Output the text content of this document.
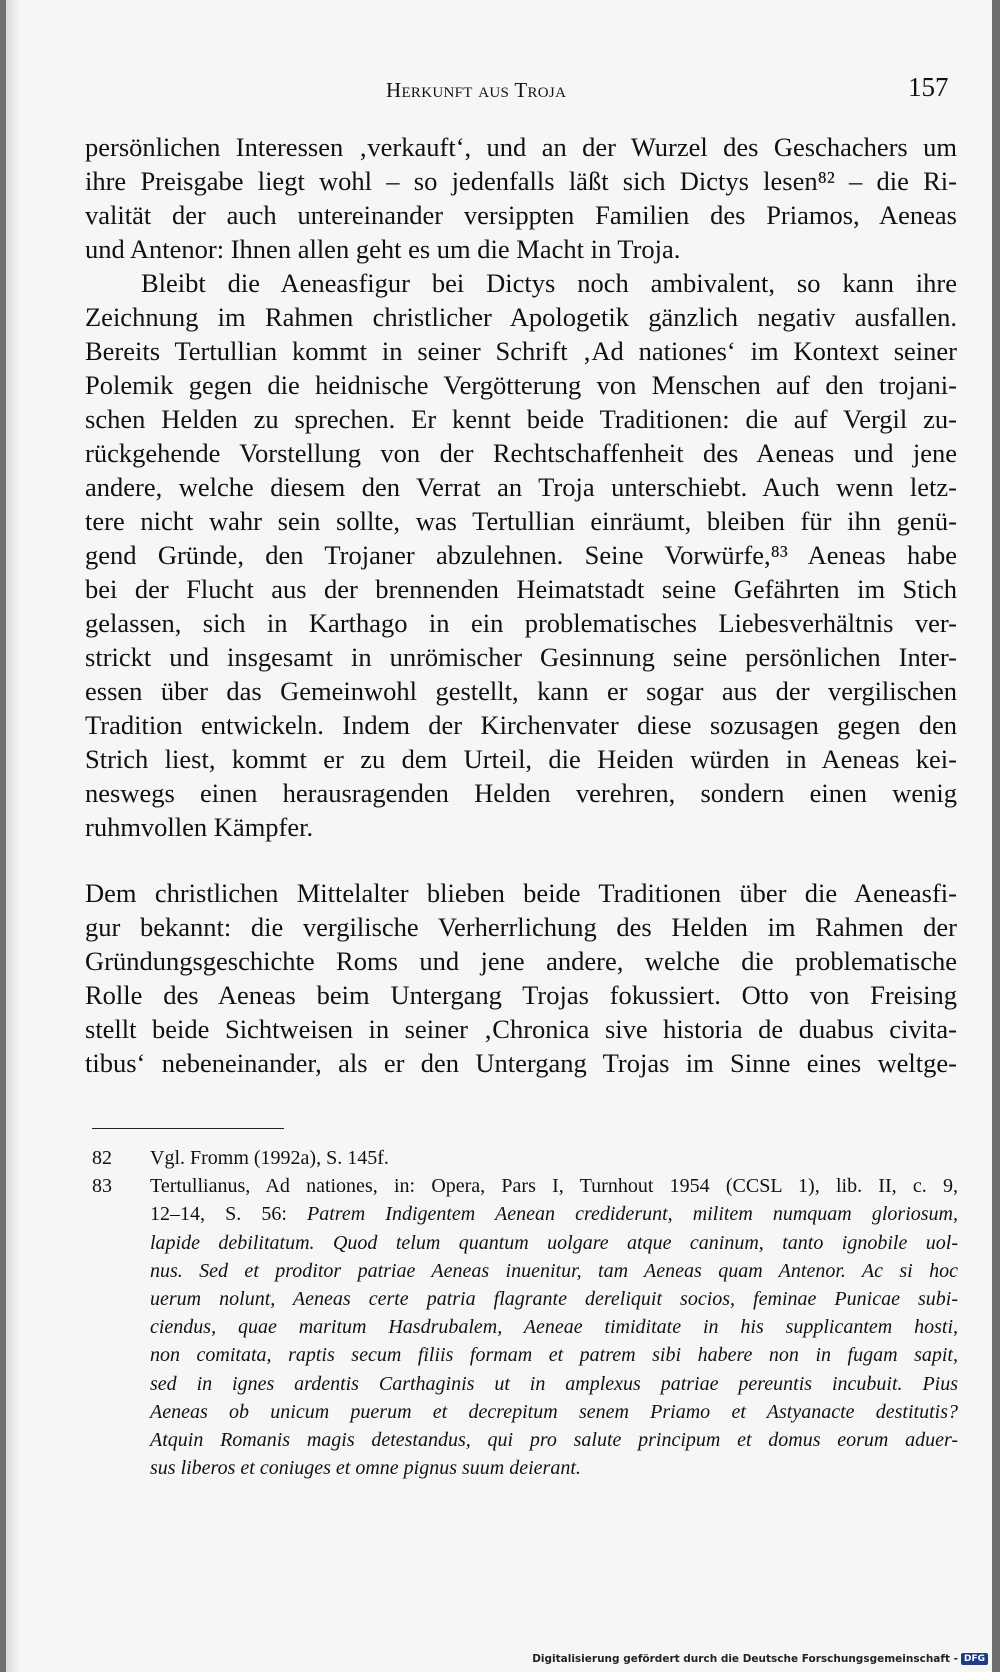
Herkunft aus Troja	157
persönlichen Interessen ‚verkauft‘, und an der Wurzel des Geschachers um
ihre Preisgabe liegt wohl – so jedenfalls läßt sich Dictys lesen⁸² – die Ri-
valität der auch untereinander versippten Familien des Priamos, Aeneas
und Antenor: Ihnen allen geht es um die Macht in Troja.
Bleibt die Aeneasfigur bei Dictys noch ambivalent, so kann ihre
Zeichnung im Rahmen christlicher Apologetik gänzlich negativ ausfallen.
Bereits Tertullian kommt in seiner Schrift ‚Ad nationes‘ im Kontext seiner
Polemik gegen die heidnische Vergötterung von Menschen auf den trojani-
schen Helden zu sprechen. Er kennt beide Traditionen: die auf Vergil zu-
rückgehende Vorstellung von der Rechtschaffenheit des Aeneas und jene
andere, welche diesem den Verrat an Troja unterschiebt. Auch wenn letz-
tere nicht wahr sein sollte, was Tertullian einräumt, bleiben für ihn genü-
gend Gründe, den Trojaner abzulehnen. Seine Vorwürfe,⁸³ Aeneas habe
bei der Flucht aus der brennenden Heimatstadt seine Gefährten im Stich
gelassen, sich in Karthago in ein problematisches Liebesverhältnis ver-
strickt und insgesamt in unrömischer Gesinnung seine persönlichen Inter-
essen über das Gemeinwohl gestellt, kann er sogar aus der vergilischen
Tradition entwickeln. Indem der Kirchenvater diese sozusagen gegen den
Strich liest, kommt er zu dem Urteil, die Heiden würden in Aeneas kei-
neswegs einen herausragenden Helden verehren, sondern einen wenig
ruhmvollen Kämpfer.
Dem christlichen Mittelalter blieben beide Traditionen über die Aeneasfi-
gur bekannt: die vergilische Verherrlichung des Helden im Rahmen der
Gründungsgeschichte Roms und jene andere, welche die problematische
Rolle des Aeneas beim Untergang Trojas fokussiert. Otto von Freising
stellt beide Sichtweisen in seiner ‚Chronica sive historia de duabus civita-
tibus‘ nebeneinander, als er den Untergang Trojas im Sinne eines weltge-
82 Vgl. Fromm (1992a), S. 145f.
83 Tertullianus, Ad nationes, in: Opera, Pars I, Turnhout 1954 (CCSL 1), lib. II, c. 9,
12–14, S. 56: Patrem Indigentem Aenean crediderunt, militem numquam gloriosum,
lapide debilitatum. Quod telum quantum uolgare atque caninum, tanto ignobile uol-
nus. Sed et proditor patriae Aeneas inuenitur, tam Aeneas quam Antenor. Ac si hoc
uerum nolunt, Aeneas certe patria flagrante dereliquit socios, feminae Punicae subi-
ciendus, quae maritum Hasdrubalem, Aeneae timiditate in his supplicantem hosti,
non comitata, raptis secum filiis formam et patrem sibi habere non in fugam sapit,
sed in ignes ardentis Carthaginis ut in amplexus patriae pereuntis incubuit. Pius
Aeneas ob unicum puerum et decrepitum senem Priamo et Astyanacte destitutis?
Atquin Romanis magis detestandus, qui pro salute principum et domus eorum aduer-
sus liberos et coniuges et omne pignus suum deierant.
Digitalisierung gefördert durch die Deutsche Forschungsgemeinschaft - DFG
